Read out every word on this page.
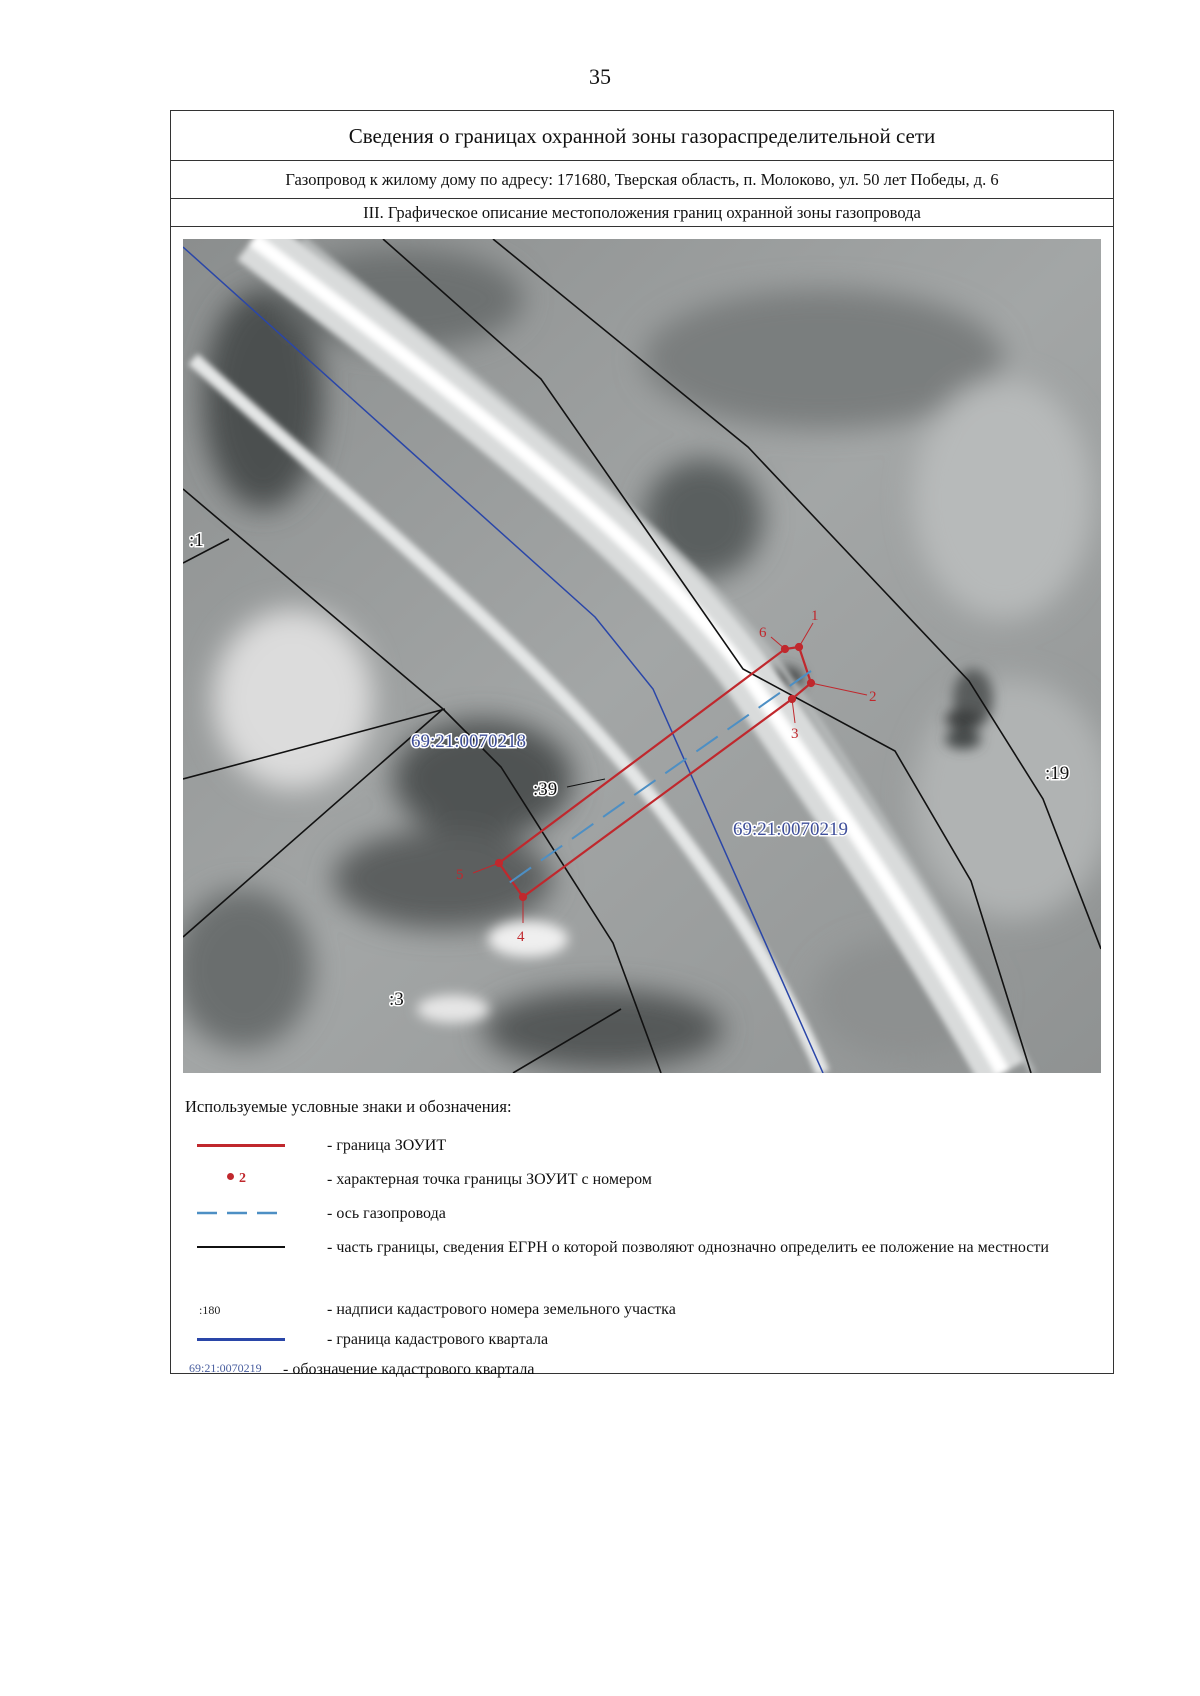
35
Сведения о границах охранной зоны газораспределительной сети
Газопровод к жилому дому по адресу: 171680, Тверская область, п. Молоково, ул. 50 лет Победы, д. 6
III. Графическое описание местоположения границ охранной зоны газопровода
1
2
3
4
5
6
69:21:0070218
69:21:0070219
:1
:39
:19
:3
Используемые условные знаки и обозначения:
- граница ЗОУИТ
2	- характерная точка границы ЗОУИТ с номером
- ось газопровода
- часть границы, сведения ЕГРН о которой позволяют однозначно определить ее положение на местности
:180	- надписи кадастрового номера земельного участка
- граница кадастрового квартала
69:21:0070219 - обозначение кадастрового квартала
